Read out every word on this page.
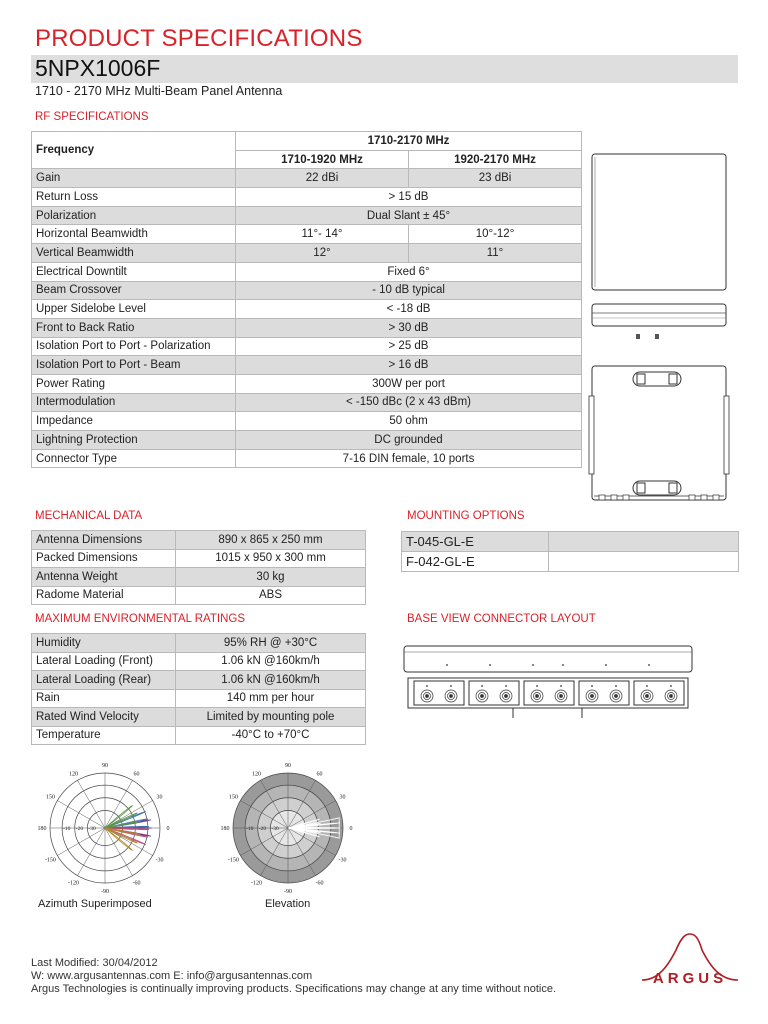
PRODUCT SPECIFICATIONS
5NPX1006F
1710 - 2170 MHz Multi-Beam Panel Antenna
RF SPECIFICATIONS
Frequency	1710-2170 MHz	
	1710-1920 MHz	1920-2170 MHz
Gain	22 dBi	23 dBi
Return Loss	> 15 dB	
Polarization	Dual Slant ± 45°	
Horizontal Beamwidth	11°- 14°	10°-12°
Vertical Beamwidth	12°	11°
Electrical Downtilt	Fixed 6°	
Beam Crossover	- 10 dB typical	
Upper Sidelobe Level	< -18 dB	
Front to Back Ratio	> 30 dB	
Isolation Port to Port - Polarization	> 25 dB	
Isolation Port to Port - Beam	> 16 dB	
Power Rating	300W per port	
Intermodulation	< -150 dBc (2 x 43 dBm)	
Impedance	50 ohm	
Lightning Protection	DC grounded	
Connector Type	7-16 DIN female, 10 ports	
MECHANICAL DATA
Antenna Dimensions	890 x 865 x 250 mm
Packed Dimensions	1015 x 950 x 300 mm
Antenna Weight	30 kg
Radome Material	ABS
MAXIMUM ENVIRONMENTAL RATINGS
Humidity	95% RH @ +30°C
Lateral Loading (Front)	1.06 kN @160km/h
Lateral Loading (Rear)	1.06 kN @160km/h
Rain	140 mm per hour
Rated Wind Velocity	Limited by mounting pole
Temperature	-40°C to +70°C
MOUNTING OPTIONS
T-045-GL-E	
F-042-GL-E	
BASE VIEW CONNECTOR LAYOUT
90
120	60
150	30
180	0
-150	-30
-120	-60
-90
-10 -20 -30
90
120	60
150	30
180	0
-150	-30
-120	-60
-90
-10 -20 -30
Azimuth Superimposed	Elevation
Last Modified: 30/04/2012
W: www.argusantennas.com E: info@argusantennas.com
Argus Technologies is continually improving products. Specifications may change at any time without notice.
ARGUS
